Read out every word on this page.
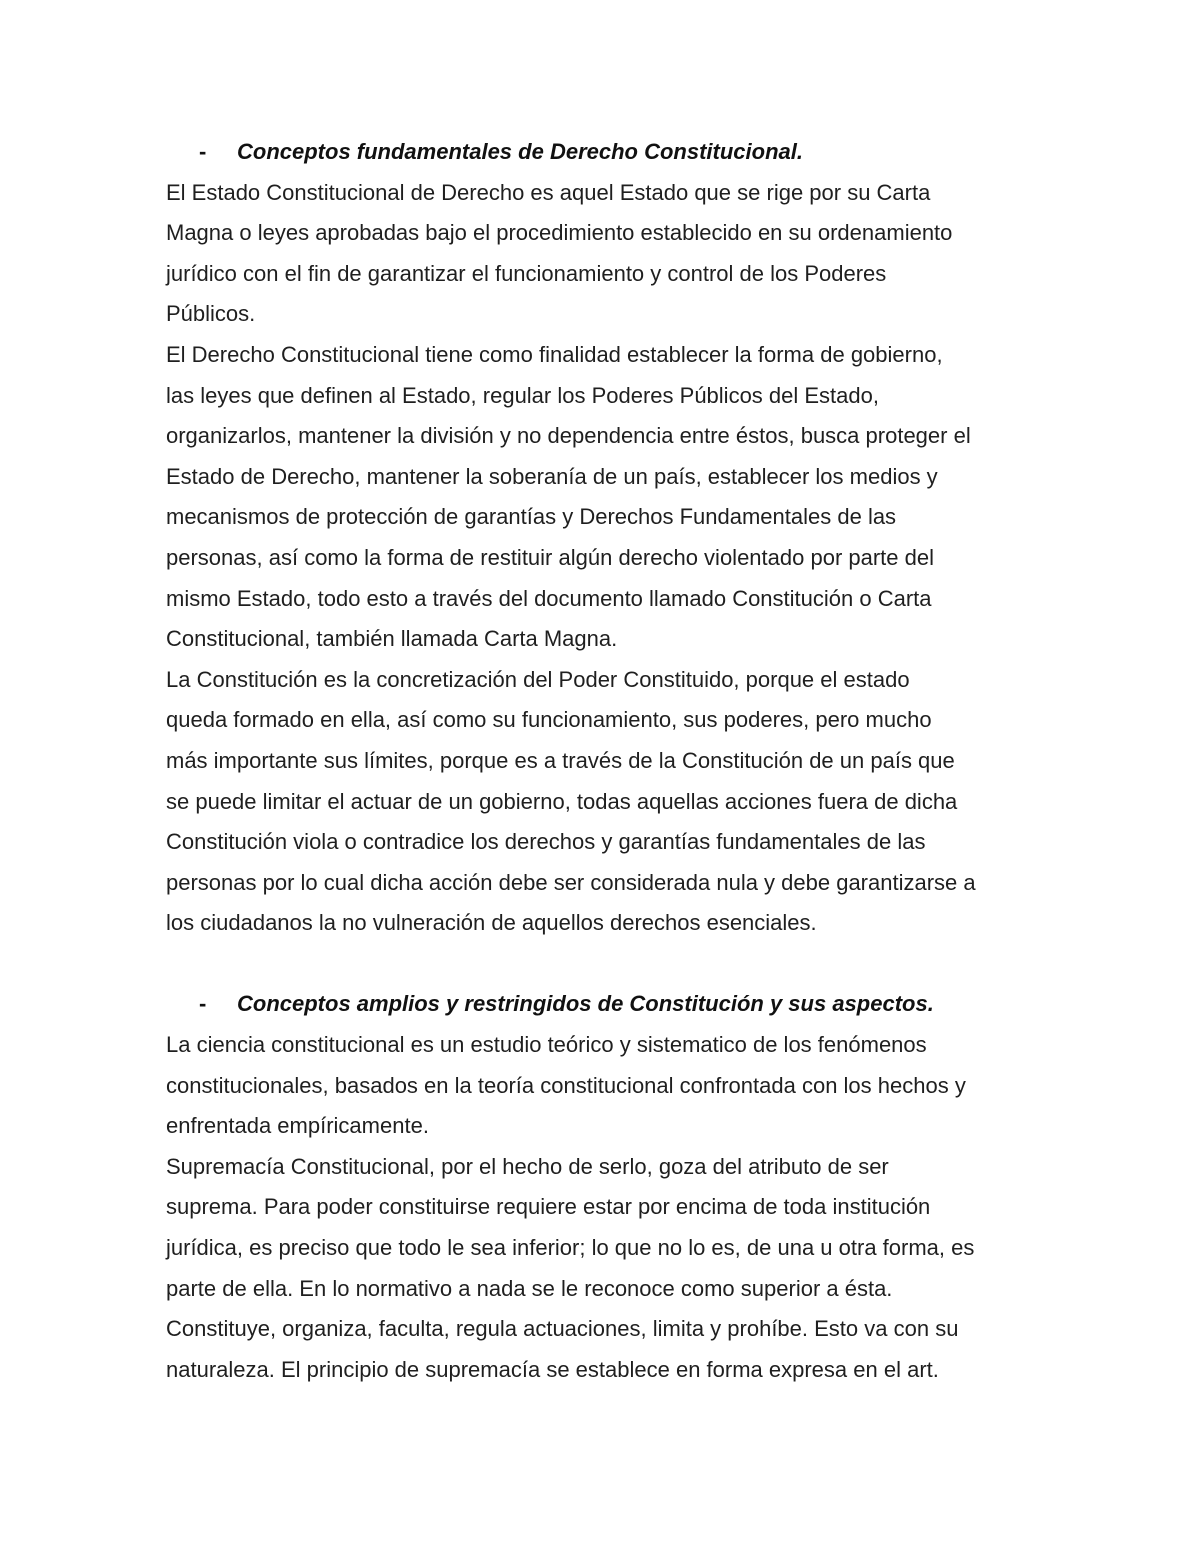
- Conceptos fundamentales de Derecho Constitucional.
El Estado Constitucional de Derecho es aquel Estado que se rige por su Carta
Magna o leyes aprobadas bajo el procedimiento establecido en su ordenamiento
jurídico con el fin de garantizar el funcionamiento y control de los Poderes
Públicos.
El Derecho Constitucional tiene como finalidad establecer la forma de gobierno,
las leyes que definen al Estado, regular los Poderes Públicos del Estado,
organizarlos, mantener la división y no dependencia entre éstos, busca proteger el
Estado de Derecho, mantener la soberanía de un país, establecer los medios y
mecanismos de protección de garantías y Derechos Fundamentales de las
personas, así como la forma de restituir algún derecho violentado por parte del
mismo Estado, todo esto a través del documento llamado Constitución o Carta
Constitucional, también llamada Carta Magna.
La Constitución es la concretización del Poder Constituido, porque el estado
queda formado en ella, así como su funcionamiento, sus poderes, pero mucho
más importante sus límites, porque es a través de la Constitución de un país que
se puede limitar el actuar de un gobierno, todas aquellas acciones fuera de dicha
Constitución viola o contradice los derechos y garantías fundamentales de las
personas por lo cual dicha acción debe ser considerada nula y debe garantizarse a
los ciudadanos la no vulneración de aquellos derechos esenciales.
- Conceptos amplios y restringidos de Constitución y sus aspectos.
La ciencia constitucional es un estudio teórico y sistematico de los fenómenos
constitucionales, basados en la teoría constitucional confrontada con los hechos y
enfrentada empíricamente.
Supremacía Constitucional, por el hecho de serlo, goza del atributo de ser
suprema. Para poder constituirse requiere estar por encima de toda institución
jurídica, es preciso que todo le sea inferior; lo que no lo es, de una u otra forma, es
parte de ella. En lo normativo a nada se le reconoce como superior a ésta.
Constituye, organiza, faculta, regula actuaciones, limita y prohíbe. Esto va con su
naturaleza. El principio de supremacía se establece en forma expresa en el art.
